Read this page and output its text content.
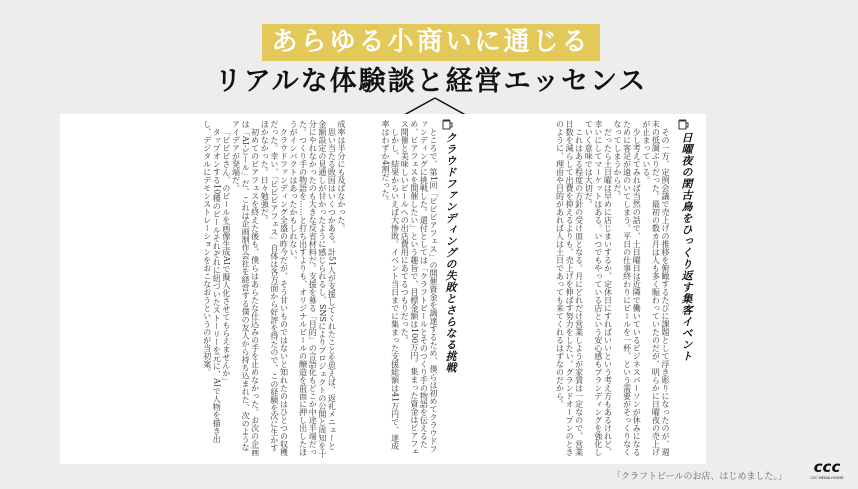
あらゆる小商いに通じる
リアルな体験談と経営エッセンス
日曜夜の閑古鳥をひっくり返す集客イベント

その一方、定例会議で売上げの推移を俯瞰するたびに課題として浮き彫りになったのが、週末の低調ぶりだった。最初の数カ月は人も多く賑わっていたのだが、明らかに日曜夜の売上げが止まっている。

少し考えてみれば当然の話で、土日曜日は近隣で働いているビジネスパーソンが休みになるために客足が遠のいてしまう。平日の仕事終わりにビールを一杯、という需要がそっくりなくなってしまうからだ。

だったら土日曜は早めに店じまいするか、定休日にすればいいという考え方もあるけれど、幸いにしてマーケットはある。いつでもやっている店という安心感もブランディングを強化していく意味では大切だ。

これはある程度の方針の受け皿となる。月にどれだけ営業しようが家賃は一定なので、営業日数を減らして出費を抑えるよりも、売上げを伸ばす努力をしたい。グランドオープンのときのように、理由や目的があれば人は土日であっても来てくれるはずなのだから。

クラウドファンディングの失敗とさらなる挑戦

ところで、第1回「ビビビアフェス」の開催資金を調達するため、僕らは初めてクラウドファンディングに挑戦した。還付としては「クラフトビールとそのつくり手の物語を伝えるため、ビアフェスを開催したい」という趣旨で、目標金額は100万円。集まった資金はビアフェス開催と美味しいビールへの出店費用にあてるつもりだった。

しかし、結果からいえば大惨敗。イベント当日までに集まった支援総額は41万円で、達成率はわずか4割だった。

成率は半分にも及ばなかった。

思い当たる敗因はいくつかある。計51人が支援してくれたことを思えば、返礼メニューと金額設定の見通しが甘かったように感じられるし、SNSによりプロジェクトの公開と周知を十分にやれなかったのも大きな反省材料だ。支援を募る「目的」の言語化もどこか中途半端だった。つくり手の物語を……と打ち出すよりも、オリジナルビールの醸造を前面に押し出したほうがインパクトはあったかもしれない。

クラウドファンディング全盛の昨今だが、そう甘いものではないと知れたのはひとつの収穫だった。幸い、「ビビビアフェス」自体は各方面から好評を得たので、この経験を次に生かすほかなかった。日々勉強だ。

初めてのビアフェスを終えた後も、僕らはあらたな仕込みの手を止めなかった。お次の企画は「AI-ビール」だ。これは企画制作会社を経営する僕の友人から持ち込まれた、次のようなアイデアが発端だ。

「ビビビさん、のビールを画像生成AIで擬人化させてもらえませんか」

タップオンする10種のビールそれぞれに紐づいたストーリーを元に、AIで人物を描き出し、デジタルにデモンストレーションをおこなおうというのが当初案。

「クラフトビールのお店、はじめました。」
ccc
CCC MEDIA HOUSE
